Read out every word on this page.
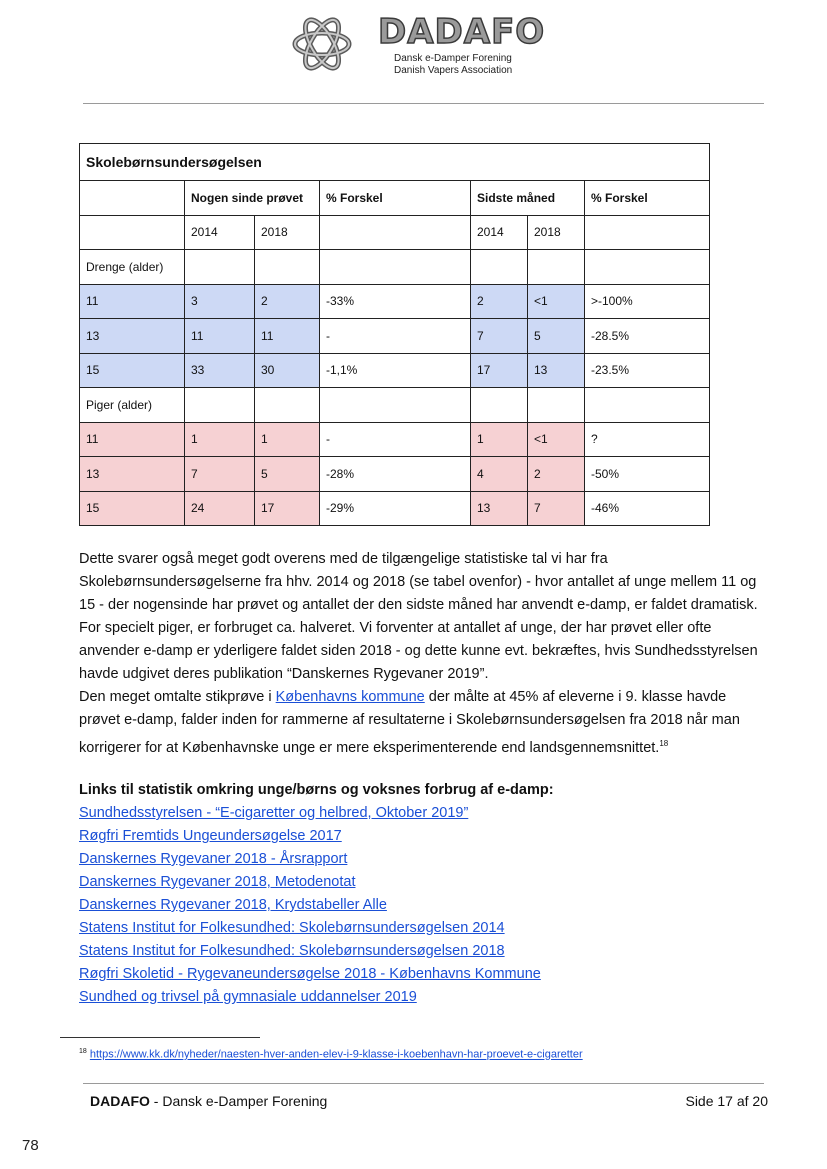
DADAFO
Dansk e-Damper Forening
Danish Vapers Association
Skolebørnsundersøgelsen						
	Nogen sinde prøvet		% Forskel	Sidste måned		% Forskel
	2014	2018		2014	2018	
Drenge (alder)						
11	3	2	-33%	2	<1	>-100%
13	11	11	-	7	5	-28.5%
15	33	30	-1,1%	17	13	-23.5%
Piger (alder)						
11	1	1	-	1	<1	?
13	7	5	-28%	4	2	-50%
15	24	17	-29%	13	7	-46%

Dette svarer også meget godt overens med de tilgængelige statistiske tal vi har fra Skolebørnsundersøgelserne fra hhv. 2014 og 2018 (se tabel ovenfor) - hvor antallet af unge mellem 11 og 15 - der nogensinde har prøvet og antallet der den sidste måned har anvendt e-damp, er faldet dramatisk. For specielt piger, er forbruget ca. halveret. Vi forventer at antallet af unge, der har prøvet eller ofte anvender e-damp er yderligere faldet siden 2018 - og dette kunne evt. bekræftes, hvis Sundhedsstyrelsen havde udgivet deres publikation “Danskernes Rygevaner 2019”.

Den meget omtalte stikprøve i Københavns kommune der målte at 45% af eleverne i 9. klasse havde prøvet e-damp, falder inden for rammerne af resultaterne i Skolebørnsundersøgelsen fra 2018 når man korrigerer for at Københavnske unge er mere eksperimenterende end landsgennemsnittet.$^{18}$

Links til statistik omkring unge/børns og voksnes forbrug af e-damp:
Sundhedsstyrelsen - “E-cigaretter og helbred, Oktober 2019”
Røgfri Fremtids Ungeundersøgelse 2017
Danskernes Rygevaner 2018 - Årsrapport
Danskernes Rygevaner 2018, Metodenotat
Danskernes Rygevaner 2018, Krydstabeller Alle
Statens Institut for Folkesundhed: Skolebørnsundersøgelsen 2014
Statens Institut for Folkesundhed: Skolebørnsundersøgelsen 2018
Røgfri Skoletid - Rygevaneundersøgelse 2018 - Københavns Kommune
Sundhed og trivsel på gymnasiale uddannelser 2019
$^{18}$ https://www.kk.dk/nyheder/naesten-hver-anden-elev-i-9-klasse-i-koebenhavn-har-proevet-e-cigaretter
DADAFO - Dansk e-Damper Forening	Side 17 af 20
78
